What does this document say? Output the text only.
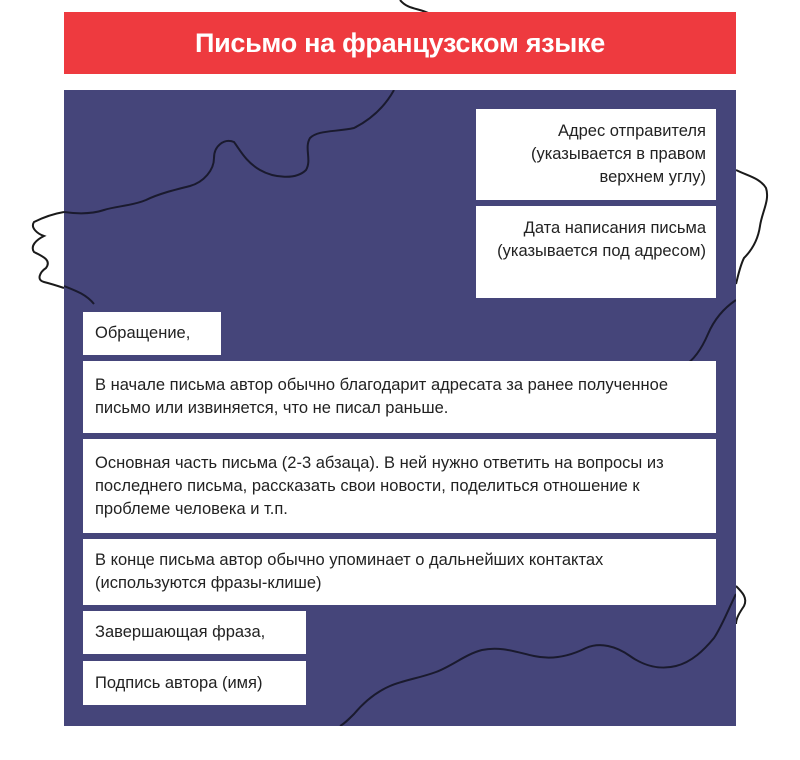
Письмо на французском языке
Адрес отправителя (указывается в правом верхнем углу)
Дата написания письма (указывается под адресом)
Обращение,
В начале письма автор обычно благодарит адресата за ранее полученное письмо или извиняется, что не писал раньше.
Основная часть письма (2-3 абзаца). В ней нужно ответить на вопросы из последнего письма, рассказать свои новости, поделиться отношение к проблеме человека и т.п.
В конце письма автор обычно упоминает о дальнейших контактах (используются фразы-клише)
Завершающая фраза,
Подпись автора (имя)
